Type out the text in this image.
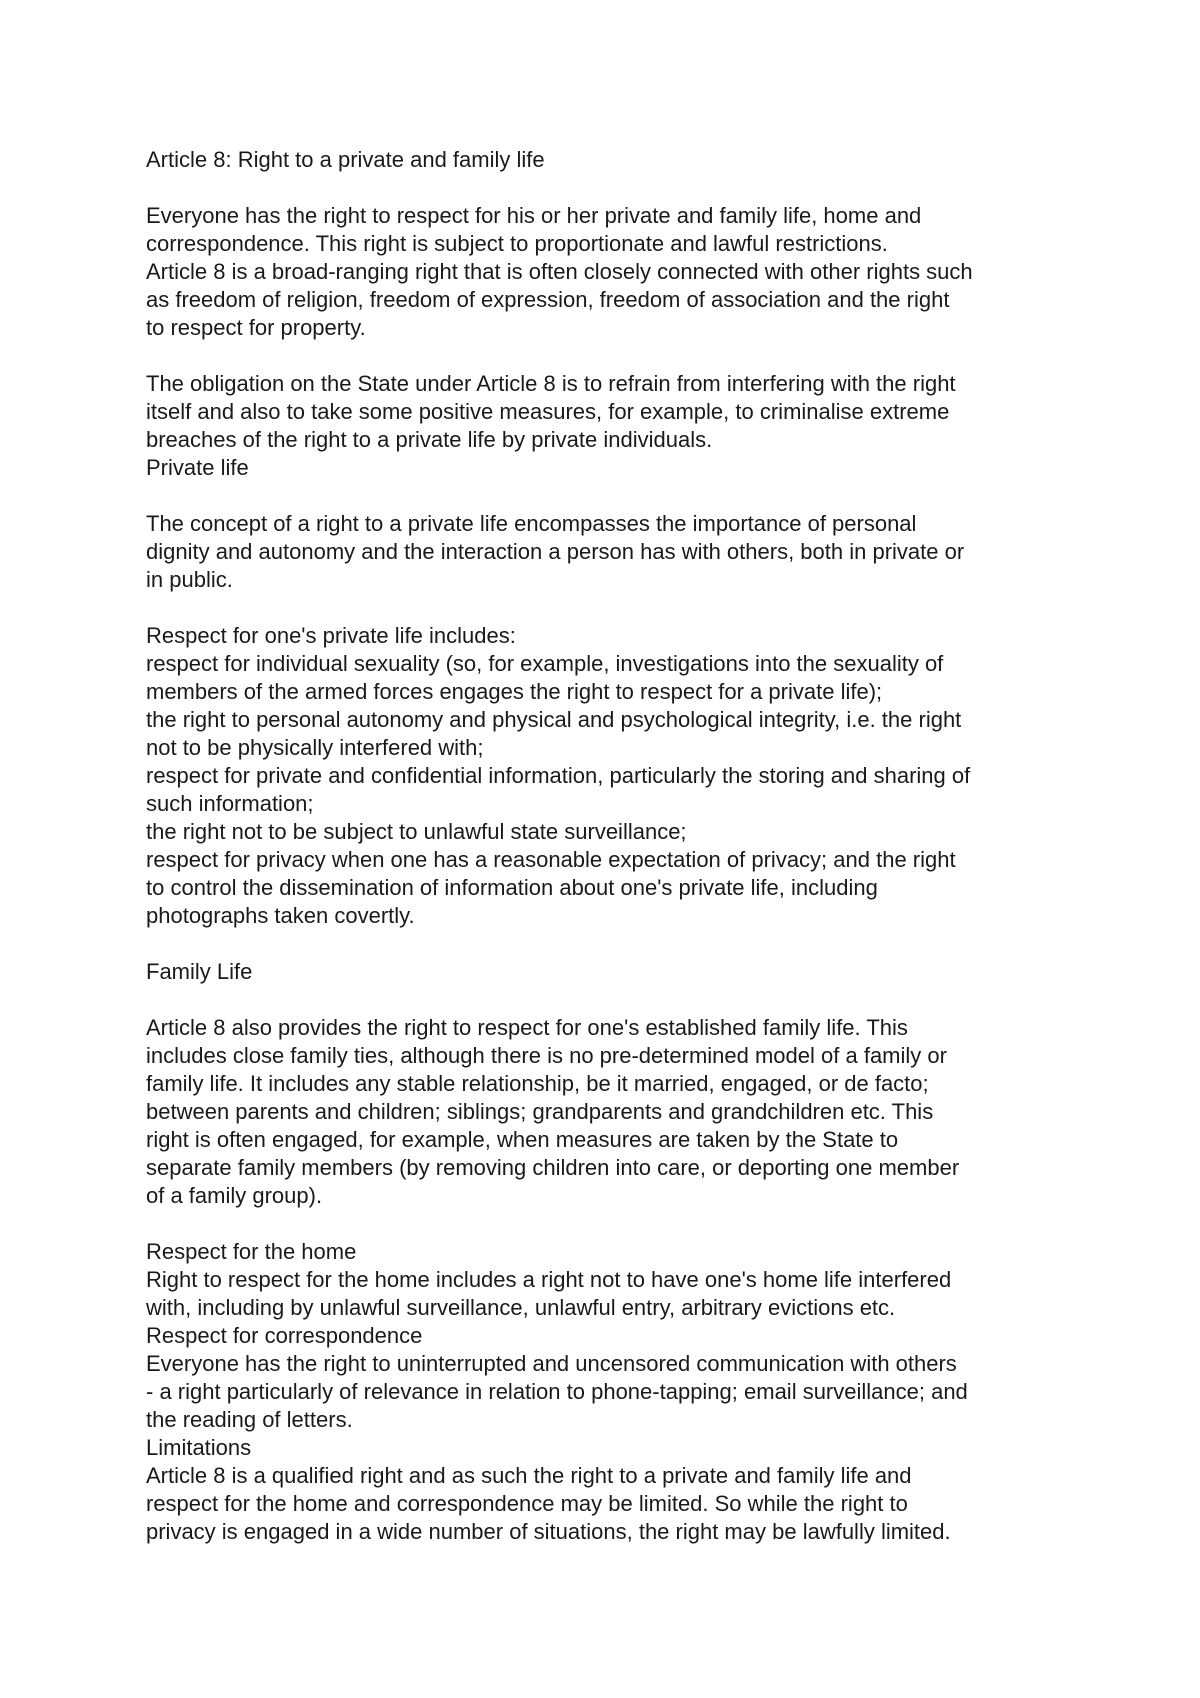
Article 8: Right to a private and family life
Everyone has the right to respect for his or her private and family life, home and
correspondence. This right is subject to proportionate and lawful restrictions.
Article 8 is a broad-ranging right that is often closely connected with other rights such
as freedom of religion, freedom of expression, freedom of association and the right
to respect for property.
The obligation on the State under Article 8 is to refrain from interfering with the right
itself and also to take some positive measures, for example, to criminalise extreme
breaches of the right to a private life by private individuals.
Private life
The concept of a right to a private life encompasses the importance of personal
dignity and autonomy and the interaction a person has with others, both in private or
in public.
Respect for one's private life includes:
respect for individual sexuality (so, for example, investigations into the sexuality of
members of the armed forces engages the right to respect for a private life);
the right to personal autonomy and physical and psychological integrity, i.e. the right
not to be physically interfered with;
respect for private and confidential information, particularly the storing and sharing of
such information;
the right not to be subject to unlawful state surveillance;
respect for privacy when one has a reasonable expectation of privacy; and the right
to control the dissemination of information about one's private life, including
photographs taken covertly.
Family Life
Article 8 also provides the right to respect for one's established family life. This
includes close family ties, although there is no pre-determined model of a family or
family life. It includes any stable relationship, be it married, engaged, or de facto;
between parents and children; siblings; grandparents and grandchildren etc. This
right is often engaged, for example, when measures are taken by the State to
separate family members (by removing children into care, or deporting one member
of a family group).
Respect for the home
Right to respect for the home includes a right not to have one's home life interfered
with, including by unlawful surveillance, unlawful entry, arbitrary evictions etc.
Respect for correspondence
Everyone has the right to uninterrupted and uncensored communication with others
- a right particularly of relevance in relation to phone-tapping; email surveillance; and
the reading of letters.
Limitations
Article 8 is a qualified right and as such the right to a private and family life and
respect for the home and correspondence may be limited. So while the right to
privacy is engaged in a wide number of situations, the right may be lawfully limited.
